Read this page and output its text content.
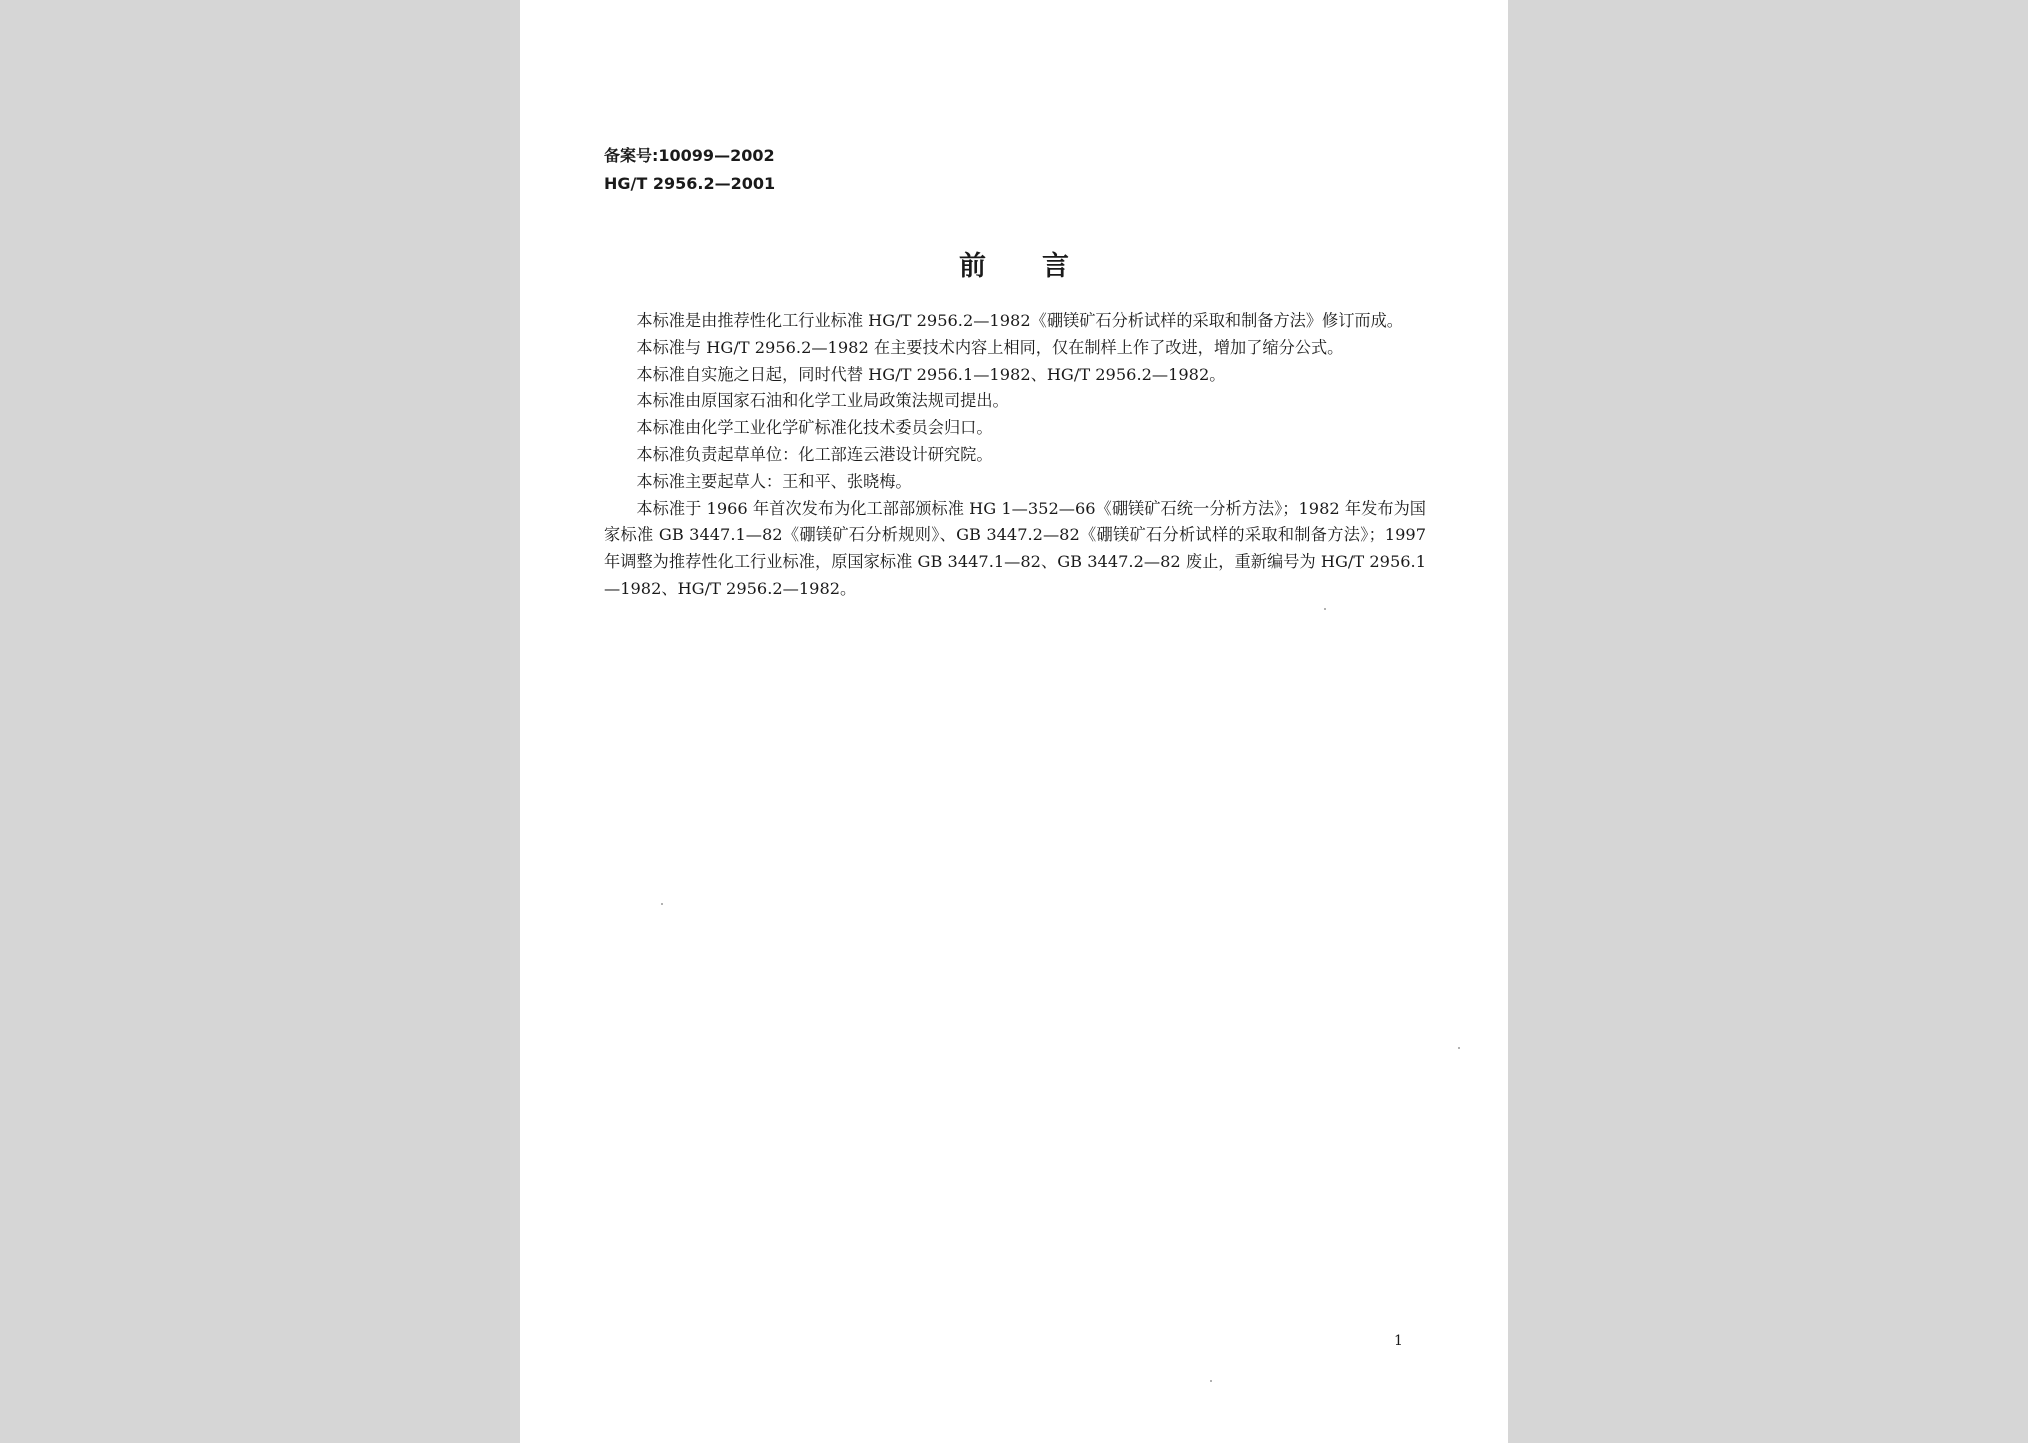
备案号:10099—2002
HG/T 2956.2—2001
前言

本标准是由推荐性化工行业标准 HG/T 2956.2—1982《硼镁矿石分析试样的采取和制备方法》修订而成。

本标准与 HG/T 2956.2—1982 在主要技术内容上相同，仅在制样上作了改进，增加了缩分公式。

本标准自实施之日起，同时代替 HG/T 2956.1—1982、HG/T 2956.2—1982。

本标准由原国家石油和化学工业局政策法规司提出。

本标准由化学工业化学矿标准化技术委员会归口。

本标准负责起草单位：化工部连云港设计研究院。

本标准主要起草人：王和平、张晓梅。

本标准于 1966 年首次发布为化工部部颁标准 HG 1—352—66《硼镁矿石统一分析方法》；1982 年发布为国家标准 GB 3447.1—82《硼镁矿石分析规则》、GB 3447.2—82《硼镁矿石分析试样的采取和制备方法》；1997 年调整为推荐性化工行业标准，原国家标准 GB 3447.1—82、GB 3447.2—82 废止，重新编号为 HG/T 2956.1—1982、HG/T 2956.2—1982。

1
